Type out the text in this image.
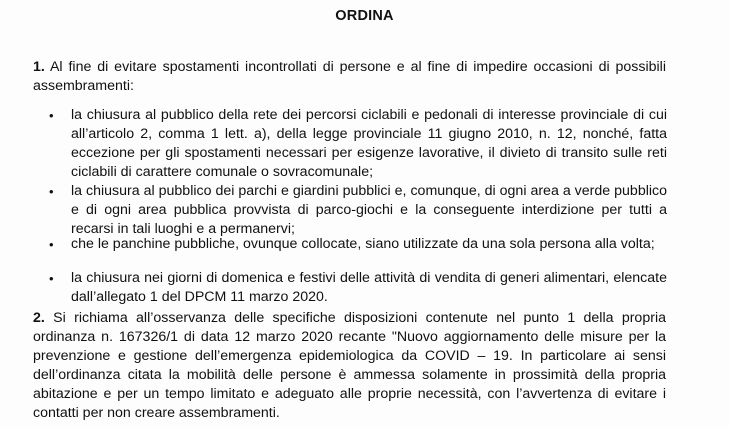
ORDINA
1. Al fine di evitare spostamenti incontrollati di persone e al fine di impedire occasioni di possibili assembramenti:
• la chiusura al pubblico della rete dei percorsi ciclabili e pedonali di interesse provinciale di cui all’articolo 2, comma 1 lett. a), della legge provinciale 11 giugno 2010, n. 12, nonché, fatta eccezione per gli spostamenti necessari per esigenze lavorative, il divieto di transito sulle reti ciclabili di carattere comunale o sovracomunale;
• la chiusura al pubblico dei parchi e giardini pubblici e, comunque, di ogni area a verde pubblico e di ogni area pubblica provvista di parco-giochi e la conseguente interdizione per tutti a recarsi in tali luoghi e a permanervi;
• che le panchine pubbliche, ovunque collocate, siano utilizzate da una sola persona alla volta;
• la chiusura nei giorni di domenica e festivi delle attività di vendita di generi alimentari, elencate dall’allegato 1 del DPCM 11 marzo 2020.
2. Si richiama all’osservanza delle specifiche disposizioni contenute nel punto 1 della propria ordinanza n. 167326/1 di data 12 marzo 2020 recante "Nuovo aggiornamento delle misure per la prevenzione e gestione dell’emergenza epidemiologica da COVID – 19. In particolare ai sensi dell’ordinanza citata la mobilità delle persone è ammessa solamente in prossimità della propria abitazione e per un tempo limitato e adeguato alle proprie necessità, con l’avvertenza di evitare i contatti per non creare assembramenti.
